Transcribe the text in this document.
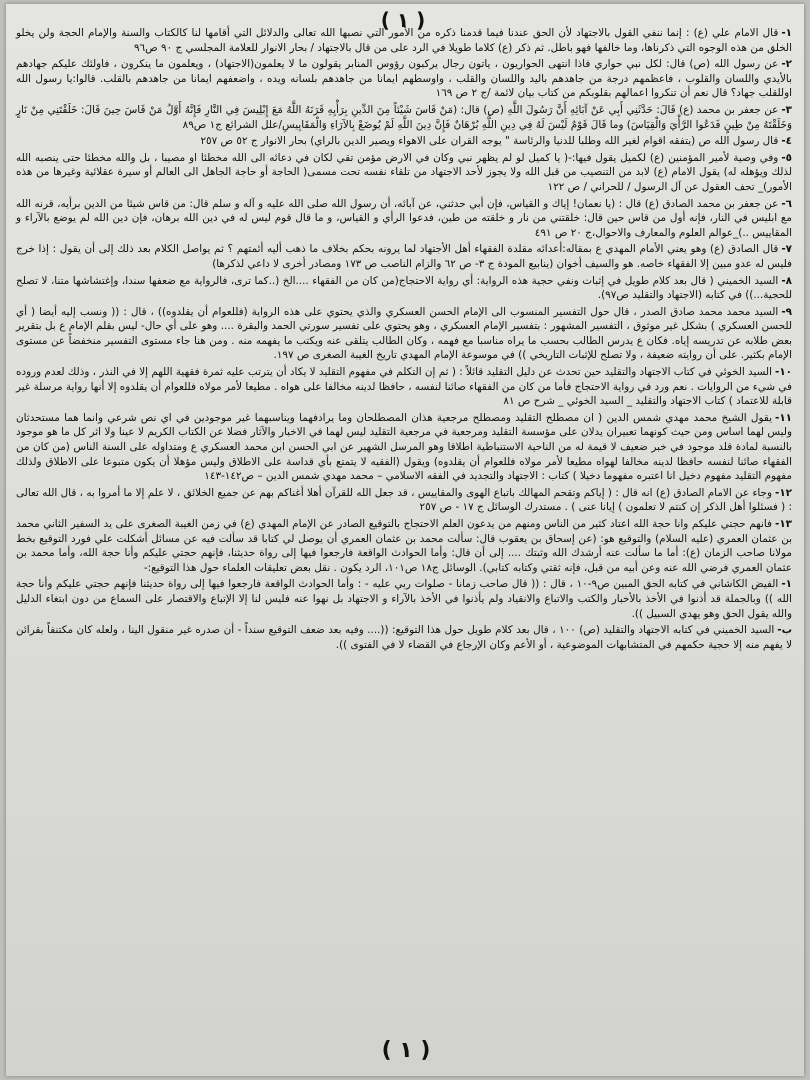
( ١ )

١-قال الامام علي (ع) : إنما ننفي القول بالاجتهاد لأن الحق عندنا فيما قدمنا ذكره من الأمور التي نصبها الله تعالى والدلائل التي أقامها لنا كالكتاب والسنة والإمام الحجة ولن يخلو الخلق من هذه الوجوه التي ذكرناها، وما خالفها فهو باطل. ثم ذكر (ع) كلاما طويلا في الرد على من قال بالاجتهاد / بحار الانوار للعلامة المجلسي ج ٩٠ ص٩٦

٢-عن رسول الله (ص) قال: لكل نبي حواري فاذا انتهى الحواريون ، ياتون رجال يركبون رؤوس المنابر يقولون ما لا يعلمون(الاجتهاد) ، ويعلمون ما ينكرون ، فاولئك عليكم جهادهم بالأيدي واللسان والقلوب ، فاعظمهم درجة من جاهدهم باليد واللسان والقلب ، واوسطهم ايمانا من جاهدهم بلسانه ويده ، واضعفهم ايمانا من جاهدهم بالقلب. قالوا:يا رسول الله اوللقلب جهاد؟ قال نعم أن تنكروا اعمالهم بقلوبكم من كتاب بيان لائمة /ج ٢ ص ١٦٩

٣-عن جعفر بن محمد (ع) قَالَ: حَدَّثَنِي أَبِي عَنْ آبَائِهِ أَنَّ رَسُولَ اللَّهِ (ص) قال: (مَنْ قَاسَ شَيْئاً مِنَ الدِّينِ بِرَأْيِهِ قَرَنَهُ اللَّهُ مَعَ إِبْلِيسَ فِي النَّارِ فَإِنَّهُ أَوَّلُ مَنْ قَاسَ حِينَ قَالَ: خَلَقْتَنِي مِنْ نَارٍ وَخَلَقْتَهُ مِنْ طِينٍ فَدَعُوا الرَّأْيَ وَالْقِيَاسَ) وما قَالَ قَوْمٌ لَيْسَ لَهُ فِي دِينِ اللَّهِ بُرْهَانٌ فَإِنَّ دِينَ اللَّهِ لَمْ يُوضَعْ بِالآرَاءِ وَالْمَقَايِيسِ/علل الشرائع ج١ ص٨٩

٤-قال رسول الله ص (يتفقه اقوام لغير الله وطلبا للدنيا والرئاسة " يوجه القران على الاهواء ويصير الدين بالراي) بحار الانوار ج ٥٢ ص ٢٥٧

٥-وفي وصية لأمير المؤمنين (ع) لكميل يقول فيها:-( يا كميل لو لم يظهر نبي وكان في الارض مؤمن تقي لكان في دعائه الى الله مخطئا او مصيبا ، بل والله مخطئا حتى ينصبه الله لذلك ويؤهله له) يقول الامام (ع) لابد من التنصيب من قبل الله ولا يجوز لأحد الاجتهاد من تلقاء نفسه تحت مسمى( الحاجة أو حاجة الجاهل الى العالم أو سيرة عقلائية وغيرها من هذه الأمور)_ تحف العقول عن آل الرسول / للحراني / ص ١٢٢

٦-عن جعفر بن محمد الصادق (ع) قال : (يا نعمان! إياك و القياس، فإن أبي حدثني، عن آبائه، أن رسول الله صلى الله عليه و آله و سلم قال: من قاس شيئا من الدين برأيه، قرنه الله مع ابليس في النار، فإنه أول من قاس حين قال: خلقتني من نار و خلقته من طين، فدعوا الرأي و القياس، و ما قال قوم ليس له في دين الله برهان، فإن دين الله لم يوضع بالآراء و المقاييس ..)_عوالم العلوم والمعارف والاحوال،ج ٢٠ ص ٤٩١

٧-قال الصادق (ع) وهو يعني الأمام المهدي ع بمقاله:أعدائه مقلدة الفقهاء أهل الأجتهاد لما يرونه بحكم بخلاف ما ذهب أليه أئمتهم ؟ ثم يواصل الكلام بعد ذلك إلى أن يقول : إذا خرج فليس له عدو مبين إلا الفقهاء خاصه. هو والسيف أخوان (ينابيع المودة ج ٣- ص ٦٢ والزام الناصب ص ١٧٣ ومصادر أخرى لا داعي لذكرها)

٨-السيد الخميني ( قال بعد كلام طويل في إثبات ونفي حجية هذه الرواية: أي رواية الاحتجاج(من كان من الفقهاء ....الخ (..كما ترى، فالرواية مع ضعفها سندا، وإغتشاشها متنا، لا تصلح للحجية...)) في كتابه (الاجتهاد والتقليد ص٩٧).

٩-السيد محمد محمد صادق الصدر ، قال حول التفسير المنسوب الى الإمام الحسن العسكري والذي يحتوي على هذه الرواية (فللعوام أن يقلدوه)) ، قال : (( ونسب إليه أيضا ( أي للحسن العسكري ) بشكل غير موثوق ، التفسير المشهور : بتفسير الإمام العسكري ، وهو يحتوي على تفسير سورتي الحمد والبقرة .... وهو على أي حال- ليس بقلم الإمام ع بل بتقرير بعض طلابه عن تدريسه إياه. فكان ع يدرس الطالب بحسب ما يراه مناسبا مع فهمه ، وكان الطالب يتلقى عنه ويكتب ما يفهمه منه . ومن هنا جاء مستوى التفسير منخفضاً عن مستوى الإمام بكثير. على أن روايته ضعيفة ، ولا تصلح للإثبات التاريخي )) في موسوعة الإمام المهدي تاريخ الغيبة الصغرى ص ١٩٧.

١٠-السيد الخوئي في كتاب الاجتهاد والتقليد حين تحدث عن دليل التقليد قائلاً : ( ثم إن التكلم في مفهوم التقليد لا يكاد أن يترتب عليه ثمرة فقهية اللهم إلا في النذر ، وذلك لعدم وروده في شيء من الروايات . نعم ورد في رواية الاحتجاج فأما من كان من الفقهاء صائنا لنفسه ، حافظا لدينه مخالفا على هواه . مطيعا لأمر مولاه فللعوام أن يقلدوه إلا أنها رواية مرسلة غير قابلة للاعتماد ) كتاب الاجتهاد والتقليد _ السيد الخوئي _ شرح ص ٨١

١١-يقول الشيخ محمد مهدي شمس الدين ( ان مصطلح التقليد ومصطلح مرجعية هذان المصطلحان وما يرادفهما ويناسبهما غير موجودين في اي نص شرعي وانما هما مستحدثان وليس لهما اساس ومن حيث كونهما تعبيران يدلان على مؤسسة التقليد ومرجعية في مرجعية التقليد ليس لهما في الاخبار والآثار فضلا عن الكتاب الكريم لا عينا ولا اثر كل ما هو موجود بالنسبة لمادة قلد موجود في خبر ضعيف لا قيمة له من الناحية الاستنباطية اطلاقا وهو المرسل الشهير عن ابي الحسن ابن محمد العسكري ع ومتداوله على السنة الناس (من كان من الفقهاء صائنا لنفسه حافظا لدينه مخالفا لهواه مطيعا لأمر مولاه فللعوام أن يقلدوه) ويقول (الفقيه لا يتمتع بأي قداسة على الاطلاق وليس مؤهلا أن يكون متبوعا على الاطلاق ولذلك مفهوم التقليد مفهوم دخيل انا اعتبره مفهوما دخيلا ) كتاب : الاجتهاد والتجديد في الفقه الاسلامي – محمد مهدي شمس الدين – ص١٤٢-١٤٣

١٢-وجاء عن الامام الصادق (ع) انه قال : ( إياكم وتقحم المهالك باتباع الهوى والمقاييس ، قد جعل الله للقرآن أهلا أغناكم بهم عن جميع الخلائق ، لا علم إلا ما أمروا به ، قال الله تعالى : ( فسئلوا أهل الذكر إن كنتم لا تعلمون ) إيانا عنى ) . مستدرك الوسائل ج ١٧ - ص ٢٥٧

١٣-فانهم حجتي عليكم وانا حجة الله اعتاد كثير من الناس ومنهم من يدعون العلم الاحتجاج بالتوقيع الصادر عن الإمام المهدي (ع) في زمن الغيبة الصغرى على يد السفير الثاني محمد بن عثمان العمري (عليه السلام) والتوقيع هو: (عن إسحاق بن يعقوب قال: سألت محمد بن عثمان العمري أن يوصل لي كتابا قد سألت فيه عن مسائل أشكلت علي فورد التوقيع بخط مولانا صاحب الزمان (ع): أما ما سألت عنه أرشدك الله وثبتك .... إلى أن قال: وأما الحوادث الواقعة فارجعوا فيها إلى رواة حديثنا، فإنهم حجتي عليكم وأنا حجة الله، وأما محمد بن عثمان العمري فرضي الله عنه وعن أبيه من قبل، فإنه ثقتي وكتابه كتابي). الوسائل ج١٨ ص١٠١، الرد يكون . نقل بعض تعليقات العلماء حول هذا التوقيع:-

١-الفيض الكاشاني في كتابه الحق المبين ص٩-١٠ ، قال : (( قال صاحب زمانا - صلوات ربي عليه - : وأما الحوادث الواقعة فارجعوا فيها إلى رواة حديثنا فإنهم حجتي عليكم وأنا حجة الله )) وبالجملة قد أذنوا في الأخذ بالأخبار والكتب والاتباع والانقياد ولم يأذنوا في الأخذ بالآراء و الاجتهاد بل نهوا عنه فليس لنا إلا الإتباع والاقتصار على السماع من دون ابتغاء الدليل والله يقول الحق وهو يهدي السبيل )).

ب-السيد الخميني في كتابه الاجتهاد والتقليد (ص) ١٠٠ ، قال بعد كلام طويل حول هذا التوقيع: ((.... وفيه بعد ضعف التوقيع سنداً - أن صدره غير منقول الينا ، ولعله كان مكتنفاً بقرائن لا يفهم منه إلا حجية حكمهم في المتشابهات الموضوعية ، أو الأعم وكان الإرجاع في القضاء لا في الفتوى )).

( ١ )
